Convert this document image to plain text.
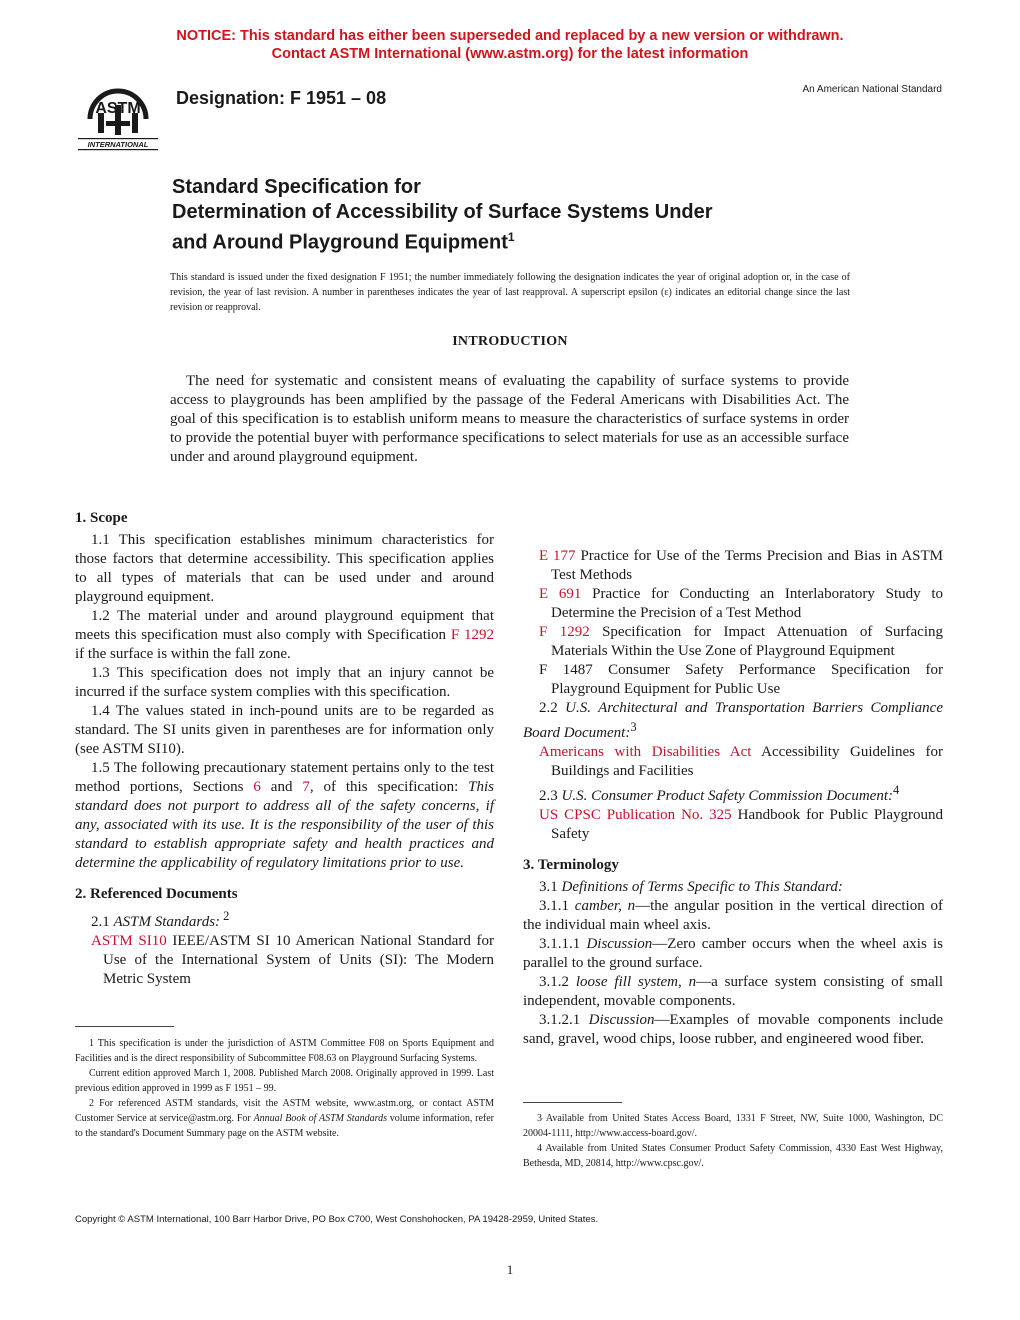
NOTICE: This standard has either been superseded and replaced by a new version or withdrawn.
Contact ASTM International (www.astm.org) for the latest information
ASTM
INTERNATIONAL
Designation: F 1951 – 08	An American National Standard
Standard Specification for
Determination of Accessibility of Surface Systems Under
and Around Playground Equipment$^1$
This standard is issued under the fixed designation F 1951; the number immediately following the designation indicates the year of original adoption or, in the case of revision, the year of last revision. A number in parentheses indicates the year of last reapproval. A superscript epsilon (ε) indicates an editorial change since the last revision or reapproval.
INTRODUCTION
The need for systematic and consistent means of evaluating the capability of surface systems to provide access to playgrounds has been amplified by the passage of the Federal Americans with Disabilities Act. The goal of this specification is to establish uniform means to measure the characteristics of surface systems in order to provide the potential buyer with performance specifications to select materials for use as an accessible surface under and around playground equipment.

1. Scope

1.1 This specification establishes minimum characteristics for those factors that determine accessibility. This specification applies to all types of materials that can be used under and around playground equipment.

1.2 The material under and around playground equipment that meets this specification must also comply with Specification F 1292 if the surface is within the fall zone.

1.3 This specification does not imply that an injury cannot be incurred if the surface system complies with this specification.

1.4 The values stated in inch-pound units are to be regarded as standard. The SI units given in parentheses are for information only (see ASTM SI10).

1.5 The following precautionary statement pertains only to the test method portions, Sections 6 and 7, of this specification: This standard does not purport to address all of the safety concerns, if any, associated with its use. It is the responsibility of the user of this standard to establish appropriate safety and health practices and determine the applicability of regulatory limitations prior to use.

2. Referenced Documents

2.1 ASTM Standards: $^2$

ASTM SI10 IEEE/ASTM SI 10 American National Standard for Use of the International System of Units (SI): The Modern Metric System

1 This specification is under the jurisdiction of ASTM Committee F08 on Sports Equipment and Facilities and is the direct responsibility of Subcommittee F08.63 on Playground Surfacing Systems.

Current edition approved March 1, 2008. Published March 2008. Originally approved in 1999. Last previous edition approved in 1999 as F 1951 – 99.

2 For referenced ASTM standards, visit the ASTM website, www.astm.org, or contact ASTM Customer Service at service@astm.org. For Annual Book of ASTM Standards volume information, refer to the standard's Document Summary page on the ASTM website.

E 177 Practice for Use of the Terms Precision and Bias in ASTM Test Methods

E 691 Practice for Conducting an Interlaboratory Study to Determine the Precision of a Test Method

F 1292 Specification for Impact Attenuation of Surfacing Materials Within the Use Zone of Playground Equipment

F 1487 Consumer Safety Performance Specification for Playground Equipment for Public Use

2.2 U.S. Architectural and Transportation Barriers Compliance Board Document:$^3$

Americans with Disabilities Act Accessibility Guidelines for Buildings and Facilities

2.3 U.S. Consumer Product Safety Commission Document:$^4$

US CPSC Publication No. 325 Handbook for Public Playground Safety

3. Terminology

3.1 Definitions of Terms Specific to This Standard:

3.1.1 camber, n—the angular position in the vertical direction of the individual main wheel axis.

3.1.1.1 Discussion—Zero camber occurs when the wheel axis is parallel to the ground surface.

3.1.2 loose fill system, n—a surface system consisting of small independent, movable components.

3.1.2.1 Discussion—Examples of movable components include sand, gravel, wood chips, loose rubber, and engineered wood fiber.

3 Available from United States Access Board, 1331 F Street, NW, Suite 1000, Washington, DC 20004-1111, http://www.access-board.gov/.

4 Available from United States Consumer Product Safety Commission, 4330 East West Highway, Bethesda, MD, 20814, http://www.cpsc.gov/.

Copyright © ASTM International, 100 Barr Harbor Drive, PO Box C700, West Conshohocken, PA 19428-2959, United States.
1
